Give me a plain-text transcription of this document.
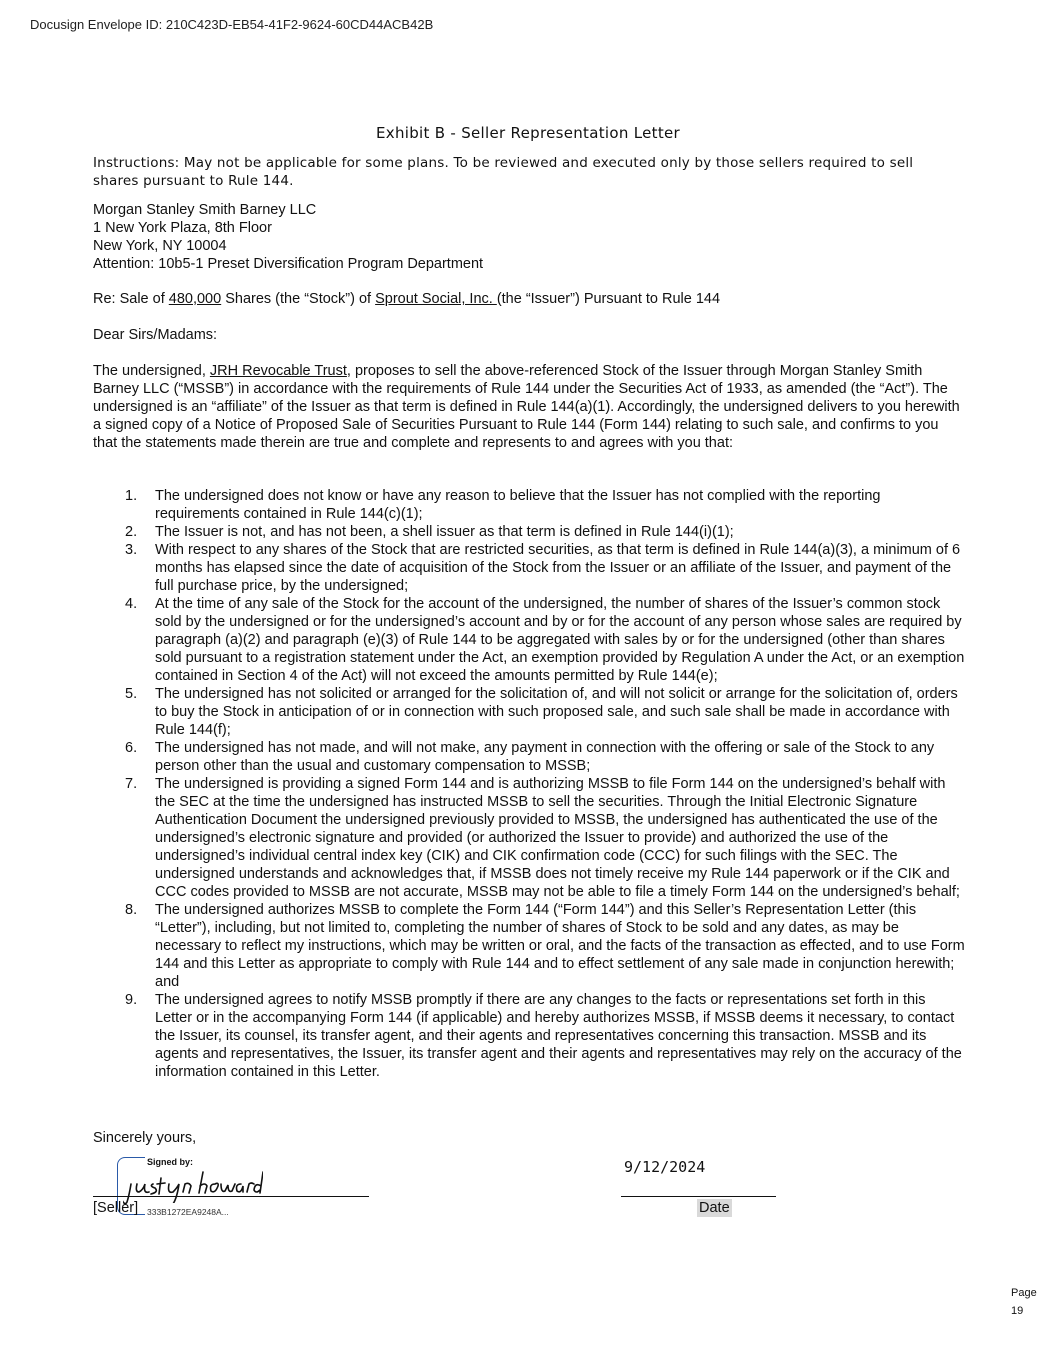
Docusign Envelope ID: 210C423D-EB54-41F2-9624-60CD44ACB42B
Exhibit B - Seller Representation Letter
Instructions: May not be applicable for some plans. To be reviewed and executed only by those sellers required to sell shares pursuant to Rule 144.
Morgan Stanley Smith Barney LLC
1 New York Plaza, 8th Floor
New York, NY 10004
Attention: 10b5-1 Preset Diversification Program Department
Re: Sale of 480,000 Shares (the “Stock”) of Sprout Social, Inc. (the “Issuer”) Pursuant to Rule 144
Dear Sirs/Madams:
The undersigned, JRH Revocable Trust, proposes to sell the above-referenced Stock of the Issuer through Morgan Stanley Smith Barney LLC (“MSSB”) in accordance with the requirements of Rule 144 under the Securities Act of 1933, as amended (the “Act”). The undersigned is an “affiliate” of the Issuer as that term is defined in Rule 144(a)(1). Accordingly, the undersigned delivers to you herewith a signed copy of a Notice of Proposed Sale of Securities Pursuant to Rule 144 (Form 144) relating to such sale, and confirms to you that the statements made therein are true and complete and represents to and agrees with you that:
1. The undersigned does not know or have any reason to believe that the Issuer has not complied with the reporting requirements contained in Rule 144(c)(1);
2. The Issuer is not, and has not been, a shell issuer as that term is defined in Rule 144(i)(1);
3. With respect to any shares of the Stock that are restricted securities, as that term is defined in Rule 144(a)(3), a minimum of 6 months has elapsed since the date of acquisition of the Stock from the Issuer or an affiliate of the Issuer, and payment of the full purchase price, by the undersigned;
4. At the time of any sale of the Stock for the account of the undersigned, the number of shares of the Issuer’s common stock sold by the undersigned or for the undersigned’s account and by or for the account of any person whose sales are required by paragraph (a)(2) and paragraph (e)(3) of Rule 144 to be aggregated with sales by or for the undersigned (other than shares sold pursuant to a registration statement under the Act, an exemption provided by Regulation A under the Act, or an exemption contained in Section 4 of the Act) will not exceed the amounts permitted by Rule 144(e);
5. The undersigned has not solicited or arranged for the solicitation of, and will not solicit or arrange for the solicitation of, orders to buy the Stock in anticipation of or in connection with such proposed sale, and such sale shall be made in accordance with Rule 144(f);
6. The undersigned has not made, and will not make, any payment in connection with the offering or sale of the Stock to any person other than the usual and customary compensation to MSSB;
7. The undersigned is providing a signed Form 144 and is authorizing MSSB to file Form 144 on the undersigned’s behalf with the SEC at the time the undersigned has instructed MSSB to sell the securities. Through the Initial Electronic Signature Authentication Document the undersigned previously provided to MSSB, the undersigned has authenticated the use of the undersigned’s electronic signature and provided (or authorized the Issuer to provide) and authorized the use of the undersigned’s individual central index key (CIK) and CIK confirmation code (CCC) for such filings with the SEC. The undersigned understands and acknowledges that, if MSSB does not timely receive my Rule 144 paperwork or if the CIK and CCC codes provided to MSSB are not accurate, MSSB may not be able to file a timely Form 144 on the undersigned’s behalf;
8. The undersigned authorizes MSSB to complete the Form 144 (“Form 144”) and this Seller’s Representation Letter (this “Letter”), including, but not limited to, completing the number of shares of Stock to be sold and any dates, as may be necessary to reflect my instructions, which may be written or oral, and the facts of the transaction as effected, and to use Form 144 and this Letter as appropriate to comply with Rule 144 and to effect settlement of any sale made in conjunction herewith; and
9. The undersigned agrees to notify MSSB promptly if there are any changes to the facts or representations set forth in this Letter or in the accompanying Form 144 (if applicable) and hereby authorizes MSSB, if MSSB deems it necessary, to contact the Issuer, its counsel, its transfer agent, and their agents and representatives concerning this transaction. MSSB and its agents and representatives, the Issuer, its transfer agent and their agents and representatives may rely on the accuracy of the information contained in this Letter.
Sincerely yours,
Signed by:
[Seller] 333B1272EA9248A...
9/12/2024
Date
Page 19
